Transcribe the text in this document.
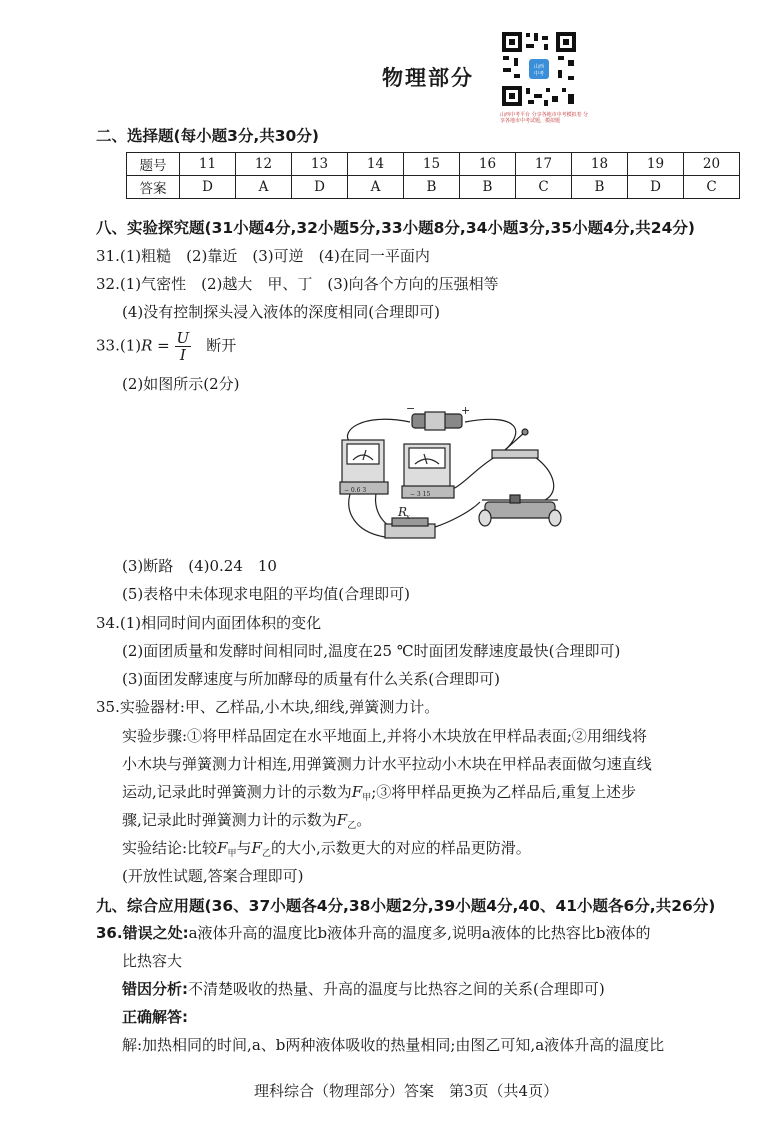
物理部分	山西
中考
山西中考平台 分享各地市中考模拟卷 分享各地市中考试题，模拟题
二、选择题(每小题3分,共30分)
题号	11	12	13	14	15	16	17	18	19	20
答案	D	A	D	A	B	B	C	B	D	C
八、实验探究题(31小题4分,32小题5分,33小题8分,34小题3分,35小题4分,共24分)
31.(1)粗糙　(2)靠近　(3)可逆　(4)在同一平面内
32.(1)气密性　(2)越大　甲、丁　(3)向各个方向的压强相等
(4)没有控制探头浸入液体的深度相同(合理即可)
$33.(1)R = \frac{U}{I}$
　 断开
(2)如图所示(2分)
−	+
− 0.6 3
− 3 15
R
x
(3)断路　(4)0.24　10
(5)表格中未体现求电阻的平均值(合理即可)
34.(1)相同时间内面团体积的变化
(2)面团质量和发酵时间相同时,温度在25 ℃时面团发酵速度最快(合理即可)
(3)面团发酵速度与所加酵母的质量有什么关系(合理即可)
35.实验器材:甲、乙样品,小木块,细线,弹簧测力计。
实验步骤:①将甲样品固定在水平地面上,并将小木块放在甲样品表面;②用细线将
小木块与弹簧测力计相连,用弹簧测力计水平拉动小木块在甲样品表面做匀速直线
运动,记录此时弹簧测力计的示数为$F_甲;③$将甲样品更换为乙样品后,重复上述步
骤,记录此时弹簧测力计的示数为$F_乙$。
实验结论:比较$F_甲$与$F_乙$的大小,示数更大的对应的样品更防滑。
(开放性试题,答案合理即可)
九、综合应用题(36、37小题各4分,38小题2分,39小题4分,40、41小题各6分,共26分)
36.错误之处:a液体升高的温度比b液体升高的温度多,说明a液体的比热容比b液体的
比热容大
错因分析:不清楚吸收的热量、升高的温度与比热容之间的关系(合理即可)
正确解答:
解:加热相同的时间,a、b两种液体吸收的热量相同;由图乙可知,a液体升高的温度比
理科综合（物理部分）答案　第3页（共4页）
